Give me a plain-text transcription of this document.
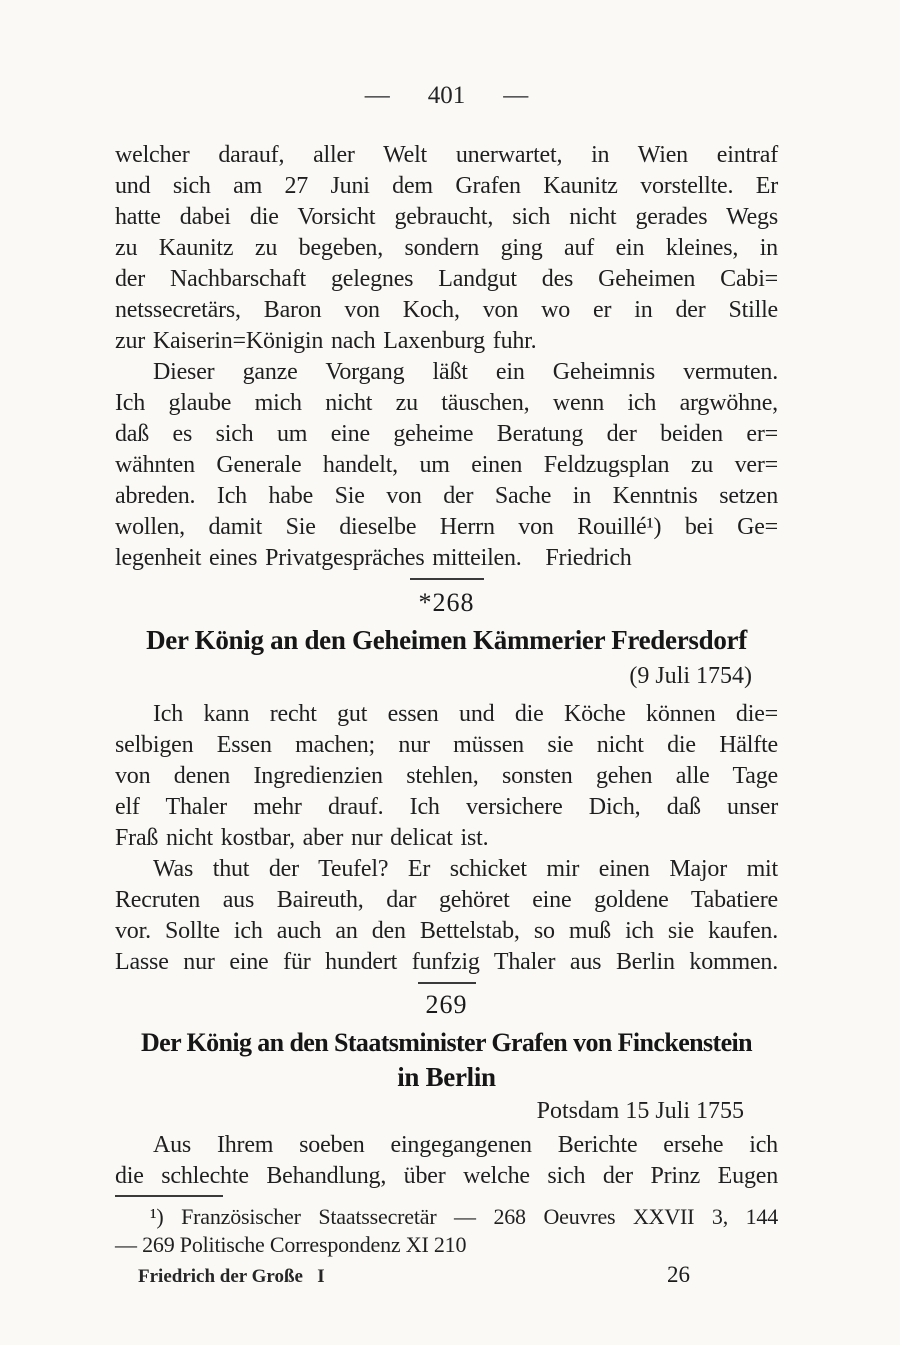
— 401 —
welcher darauf, aller Welt unerwartet, in Wien eintraf
und sich am 27 Juni dem Grafen Kaunitz vorstellte. Er
hatte dabei die Vorsicht gebraucht, sich nicht gerades Wegs
zu Kaunitz zu begeben, sondern ging auf ein kleines, in
der Nachbarschaft gelegnes Landgut des Geheimen Cabi=
netssecretärs, Baron von Koch, von wo er in der Stille
zur Kaiserin=Königin nach Laxenburg fuhr.
Dieser ganze Vorgang läßt ein Geheimnis vermuten.
Ich glaube mich nicht zu täuschen, wenn ich argwöhne,
daß es sich um eine geheime Beratung der beiden er=
wähnten Generale handelt, um einen Feldzugsplan zu ver=
abreden. Ich habe Sie von der Sache in Kenntnis setzen
wollen, damit Sie dieselbe Herrn von Rouillé¹) bei Ge=
legenheit eines Privatgespräches mitteilen. Friedrich
*268
Der König an den Geheimen Kämmerier Fredersdorf
(9 Juli 1754)
Ich kann recht gut essen und die Köche können die=
selbigen Essen machen; nur müssen sie nicht die Hälfte
von denen Ingredienzien stehlen, sonsten gehen alle Tage
elf Thaler mehr drauf. Ich versichere Dich, daß unser
Fraß nicht kostbar, aber nur delicat ist.
Was thut der Teufel? Er schicket mir einen Major mit
Recruten aus Baireuth, dar gehöret eine goldene Tabatiere
vor. Sollte ich auch an den Bettelstab, so muß ich sie kaufen.
Lasse nur eine für hundert funfzig Thaler aus Berlin kommen.
269
Der König an den Staatsminister Grafen von Finckenstein
in Berlin
Potsdam 15 Juli 1755
Aus Ihrem soeben eingegangenen Berichte ersehe ich
die schlechte Behandlung, über welche sich der Prinz Eugen
¹) Französischer Staatssecretär — 268 Oeuvres XXVII 3, 144
— 269 Politische Correspondenz XI 210
Friedrich der Große  I	26
